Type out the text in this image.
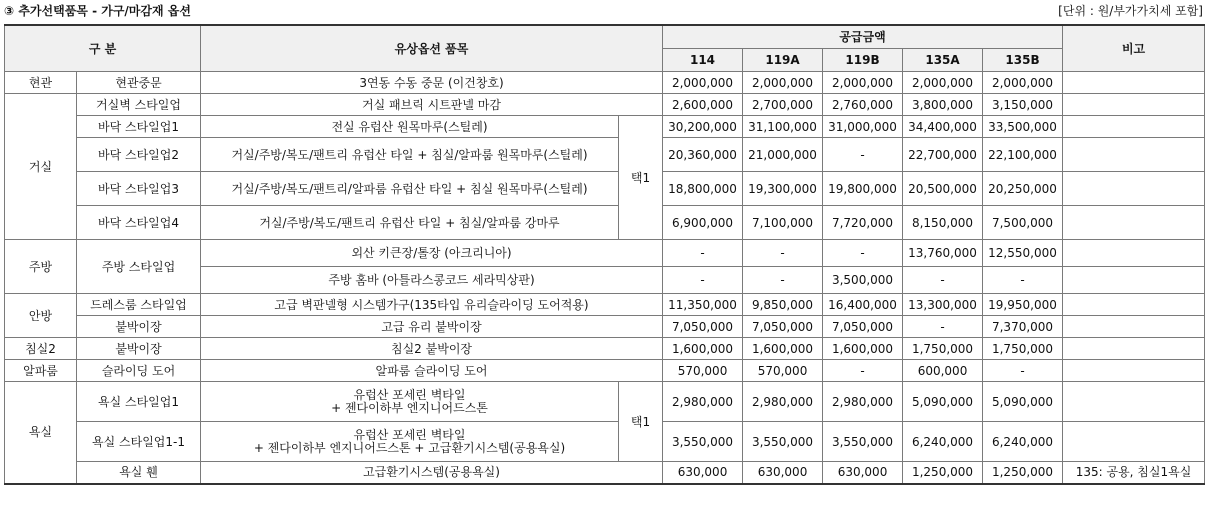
③ 추가선택품목 - 가구/마감재 옵션	[단위 : 원/부가가치세 포함]
구 분		유상옵션 품목		공급금액					비고
				114	119A	119B	135A	135B	
현관	현관중문	3연동 수동 중문 (이건창호)		2,000,000	2,000,000	2,000,000	2,000,000	2,000,000	
거실	거실벽 스타일업	거실 패브릭 시트판넬 마감		2,600,000	2,700,000	2,760,000	3,800,000	3,150,000	
	바닥 스타일업1	전실 유럽산 원목마루(스틸레)	택1	30,200,000	31,100,000	31,000,000	34,400,000	33,500,000	
	바닥 스타일업2	거실/주방/복도/팬트리 유럽산 타일 + 침실/알파룸 원목마루(스틸레)		20,360,000	21,000,000	-	22,700,000	22,100,000	
	바닥 스타일업3	거실/주방/복도/팬트리/알파룸 유럽산 타일 + 침실 원목마루(스틸레)		18,800,000	19,300,000	19,800,000	20,500,000	20,250,000	
	바닥 스타일업4	거실/주방/복도/팬트리 유럽산 타일 + 침실/알파룸 강마루		6,900,000	7,100,000	7,720,000	8,150,000	7,500,000	
주방	주방 스타일업	외산 키큰장/톨장 (아크리니아)		-	-	-	13,760,000	12,550,000	
		주방 홈바 (아틀라스콩코드 세라믹상판)		-	-	3,500,000	-	-	
안방	드레스룸 스타일업	고급 벽판넬형 시스템가구(135타입 유리슬라이딩 도어적용)		11,350,000	9,850,000	16,400,000	13,300,000	19,950,000	
	붙박이장	고급 유리 붙박이장		7,050,000	7,050,000	7,050,000	-	7,370,000	
침실2	붙박이장	침실2 붙박이장		1,600,000	1,600,000	1,600,000	1,750,000	1,750,000	
알파룸	슬라이딩 도어	알파룸 슬라이딩 도어		570,000	570,000	-	600,000	-	
욕실	욕실 스타일업1	유럽산 포세린 벽타일
+ 젠다이하부 엔지니어드스톤	택1	2,980,000	2,980,000	2,980,000	5,090,000	5,090,000	
	욕실 스타일업1-1	유럽산 포세린 벽타일
+ 젠다이하부 엔지니어드스톤 + 고급환기시스템(공용욕실)		3,550,000	3,550,000	3,550,000	6,240,000	6,240,000	
	욕실 휀	고급환기시스템(공용욕실)		630,000	630,000	630,000	1,250,000	1,250,000	135: 공용, 침실1욕실
